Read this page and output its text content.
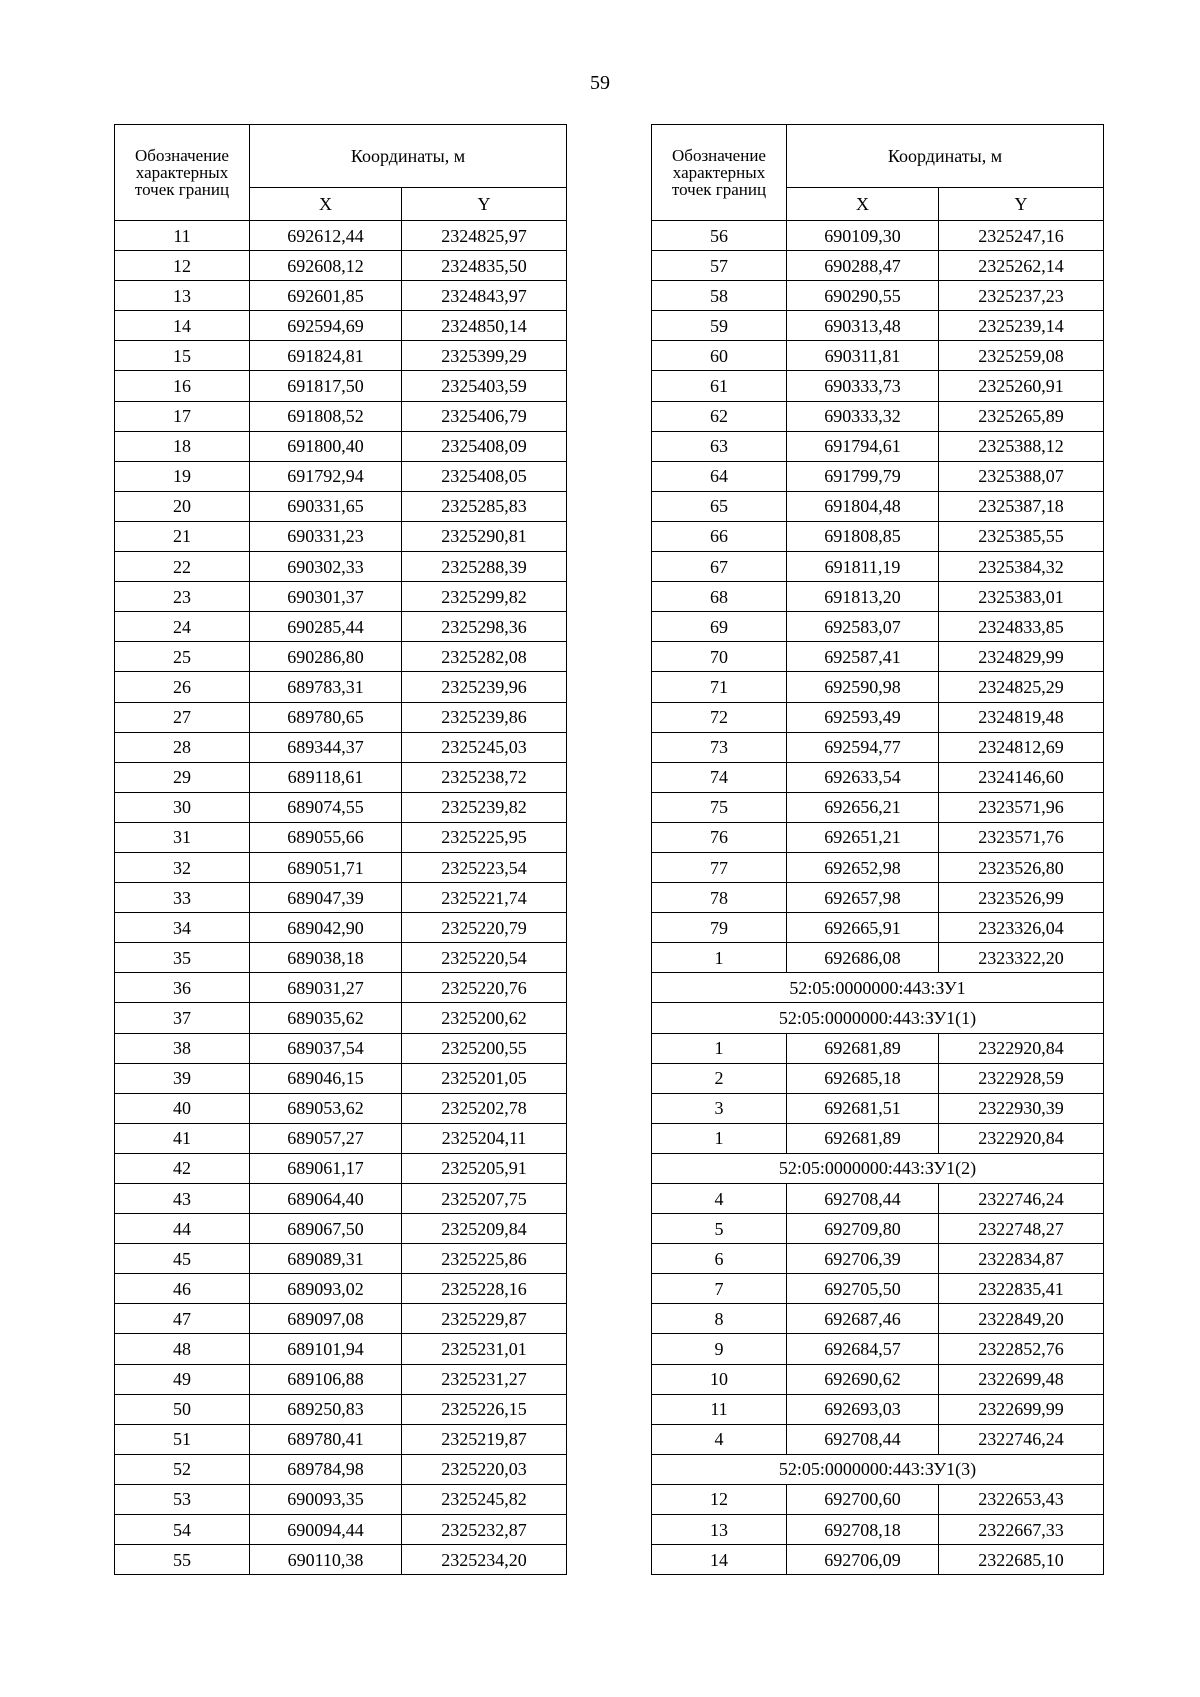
59
Обозначение характерных точек границ	Координаты, м	
	X	Y
11	692612,44	2324825,97
12	692608,12	2324835,50
13	692601,85	2324843,97
14	692594,69	2324850,14
15	691824,81	2325399,29
16	691817,50	2325403,59
17	691808,52	2325406,79
18	691800,40	2325408,09
19	691792,94	2325408,05
20	690331,65	2325285,83
21	690331,23	2325290,81
22	690302,33	2325288,39
23	690301,37	2325299,82
24	690285,44	2325298,36
25	690286,80	2325282,08
26	689783,31	2325239,96
27	689780,65	2325239,86
28	689344,37	2325245,03
29	689118,61	2325238,72
30	689074,55	2325239,82
31	689055,66	2325225,95
32	689051,71	2325223,54
33	689047,39	2325221,74
34	689042,90	2325220,79
35	689038,18	2325220,54
36	689031,27	2325220,76
37	689035,62	2325200,62
38	689037,54	2325200,55
39	689046,15	2325201,05
40	689053,62	2325202,78
41	689057,27	2325204,11
42	689061,17	2325205,91
43	689064,40	2325207,75
44	689067,50	2325209,84
45	689089,31	2325225,86
46	689093,02	2325228,16
47	689097,08	2325229,87
48	689101,94	2325231,01
49	689106,88	2325231,27
50	689250,83	2325226,15
51	689780,41	2325219,87
52	689784,98	2325220,03
53	690093,35	2325245,82
54	690094,44	2325232,87
55	690110,38	2325234,20
Обозначение характерных точек границ	Координаты, м	
	X	Y
56	690109,30	2325247,16
57	690288,47	2325262,14
58	690290,55	2325237,23
59	690313,48	2325239,14
60	690311,81	2325259,08
61	690333,73	2325260,91
62	690333,32	2325265,89
63	691794,61	2325388,12
64	691799,79	2325388,07
65	691804,48	2325387,18
66	691808,85	2325385,55
67	691811,19	2325384,32
68	691813,20	2325383,01
69	692583,07	2324833,85
70	692587,41	2324829,99
71	692590,98	2324825,29
72	692593,49	2324819,48
73	692594,77	2324812,69
74	692633,54	2324146,60
75	692656,21	2323571,96
76	692651,21	2323571,76
77	692652,98	2323526,80
78	692657,98	2323526,99
79	692665,91	2323326,04
1	692686,08	2323322,20
52:05:0000000:443:ЗУ1		
52:05:0000000:443:ЗУ1(1)		
1	692681,89	2322920,84
2	692685,18	2322928,59
3	692681,51	2322930,39
1	692681,89	2322920,84
52:05:0000000:443:ЗУ1(2)		
4	692708,44	2322746,24
5	692709,80	2322748,27
6	692706,39	2322834,87
7	692705,50	2322835,41
8	692687,46	2322849,20
9	692684,57	2322852,76
10	692690,62	2322699,48
11	692693,03	2322699,99
4	692708,44	2322746,24
52:05:0000000:443:ЗУ1(3)		
12	692700,60	2322653,43
13	692708,18	2322667,33
14	692706,09	2322685,10
